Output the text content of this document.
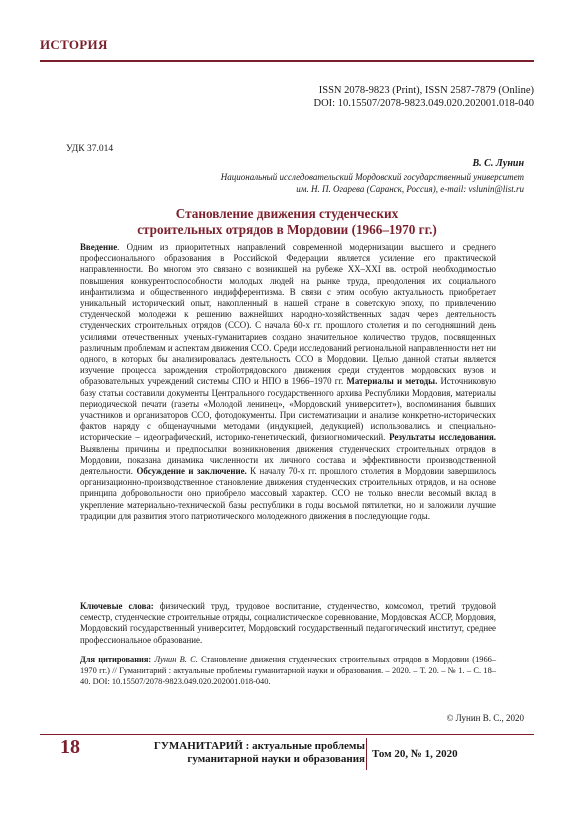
ИСТОРИЯ
ISSN 2078-9823 (Print), ISSN 2587-7879 (Online)
DOI: 10.15507/2078-9823.049.020.202001.018-040
УДК 37.014
В. С. Лунин
Национальный исследовательский Мордовский государственный университет
им. Н. П. Огарева (Саранск, Россия), e-mail: vslunin@list.ru
Становление движения студенческих
строительных отрядов в Мордовии (1966–1970 гг.)
Введение. Одним из приоритетных направлений современной модернизации высшего и среднего профессионального образования в Российской Федерации является усиление его практической направленности. Во многом это связано с возникшей на рубеже XX–XXI вв. острой необходимостью повышения конкурентоспособности молодых людей на рынке труда, преодоления их социального инфантилизма и общественного индифферентизма. В связи с этим особую актуальность приобретает уникальный исторический опыт, накопленный в нашей стране в советскую эпоху, по привлечению студенческой молодежи к решению важнейших народно-хозяйственных задач через деятельность студенческих строительных отрядов (ССО). С начала 60-х гг. прошлого столетия и по сегодняшний день усилиями отечественных ученых-гуманитариев создано значительное количество трудов, посвященных различным проблемам и аспектам движения ССО. Среди исследований региональной направленности нет ни одного, в которых бы анализировалась деятельность ССО в Мордовии. Целью данной статьи является изучение процесса зарождения стройотрядовского движения среди студентов мордовских вузов и образовательных учреждений системы СПО и НПО в 1966–1970 гг. Материалы и методы. Источниковую базу статьи составили документы Центрального государственного архива Республики Мордовия, материалы периодической печати (газеты «Молодой ленинец», «Мордовский университет»), воспоминания бывших участников и организаторов ССО, фотодокументы. При систематизации и анализе конкретно-исторических фактов наряду с общенаучными методами (индукцией, дедукцией) использовались и специально-исторические – идеографический, историко-генетический, физиогномический. Результаты исследования. Выявлены причины и предпосылки возникновения движения студенческих строительных отрядов в Мордовии, показана динамика численности их личного состава и эффективности производственной деятельности. Обсуждение и заключение. К началу 70-х гг. прошлого столетия в Мордовии завершилось организационно-производственное становление движения студенческих строительных отрядов, и на основе принципа добровольности оно приобрело массовый характер. ССО не только внесли весомый вклад в укрепление материально-технической базы республики в годы восьмой пятилетки, но и заложили лучшие традиции для развития этого патриотического молодежного движения в последующие годы.
Ключевые слова: физический труд, трудовое воспитание, студенчество, комсомол, третий трудовой семестр, студенческие строительные отряды, социалистическое соревнование, Мордовская АССР, Мордовия, Мордовский государственный университет, Мордовский государственный педагогический институт, среднее профессиональное образование.
Для цитирования: Лунин В. С. Становление движения студенческих строительных отрядов в Мордовии (1966–1970 гг.) // Гуманитарий : актуальные проблемы гуманитарной науки и образования. – 2020. – Т. 20. – № 1. – С. 18–40. DOI: 10.15507/2078-9823.049.020.202001.018-040.
© Лунин В. С., 2020
18	ГУМАНИТАРИЙ : актуальные проблемы
гуманитарной науки и образования Том 20, № 1, 2020
